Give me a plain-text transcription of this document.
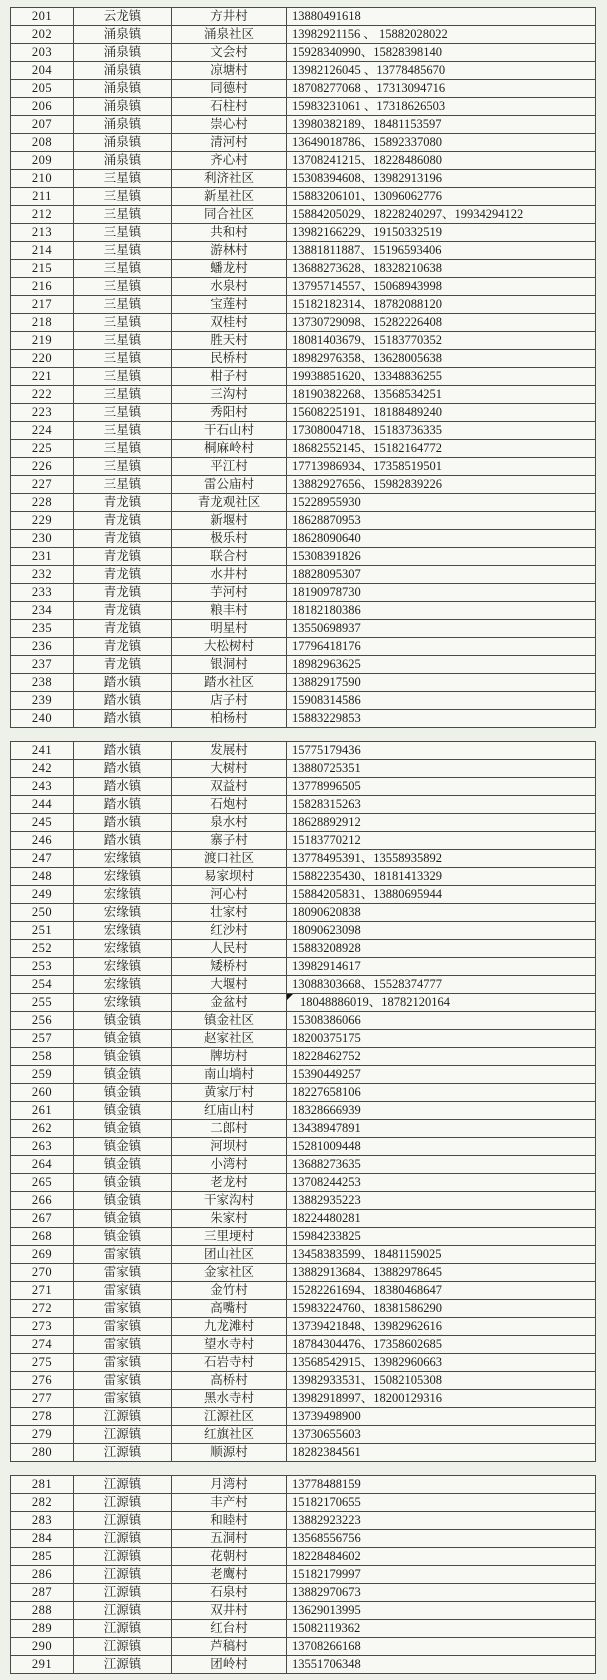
201	云龙镇	方井村	13880491618
202	涌泉镇	涌泉社区	13982921156 、 15882028022
203	涌泉镇	文会村	15928340990、15828398140
204	涌泉镇	凉塘村	13982126045 、13778485670
205	涌泉镇	同德村	18708277068 、17313094716
206	涌泉镇	石柱村	15983231061 、17318626503
207	涌泉镇	崇心村	13980382189、18481153597
208	涌泉镇	清河村	13649018786、15892337080
209	涌泉镇	齐心村	13708241215、18228486080
210	三星镇	利济社区	15308394608、13982913196
211	三星镇	新星社区	15883206101、13096062776
212	三星镇	同合社区	15884205029、18228240297、19934294122
213	三星镇	共和村	13982166229、19150332519
214	三星镇	游林村	13881811887、15196593406
215	三星镇	蟠龙村	13688273628、18328210638
216	三星镇	水泉村	13795714557、15068943998
217	三星镇	宝莲村	15182182314、18782088120
218	三星镇	双桂村	13730729098、15282226408
219	三星镇	胜天村	18081403679、15183770352
220	三星镇	民桥村	18982976358、13628005638
221	三星镇	柑子村	19938851620、13348836255
222	三星镇	三沟村	18190382268、13568534251
223	三星镇	秀阳村	15608225191、18188489240
224	三星镇	干石山村	17308004718、15183736335
225	三星镇	桐麻岭村	18682552145、15182164772
226	三星镇	平江村	17713986934、17358519501
227	三星镇	雷公庙村	13882927656、15982839226
228	青龙镇	青龙观社区	15228955930
229	青龙镇	新堰村	18628870953
230	青龙镇	极乐村	18628090640
231	青龙镇	联合村	15308391826
232	青龙镇	水井村	18828095307
233	青龙镇	芋河村	18190978730
234	青龙镇	粮丰村	18182180386
235	青龙镇	明星村	13550698937
236	青龙镇	大松树村	17796418176
237	青龙镇	银洞村	18982963625
238	踏水镇	踏水社区	13882917590
239	踏水镇	店子村	15908314586
240	踏水镇	柏杨村	15883229853
241	踏水镇	发展村	15775179436
242	踏水镇	大树村	13880725351
243	踏水镇	双益村	13778996505
244	踏水镇	石炮村	15828315263
245	踏水镇	泉水村	18628892912
246	踏水镇	寨子村	15183770212
247	宏缘镇	渡口社区	13778495391、13558935892
248	宏缘镇	易家坝村	15882235430、18181413329
249	宏缘镇	河心村	15884205831、13880695944
250	宏缘镇	壮家村	18090620838
251	宏缘镇	红沙村	18090623098
252	宏缘镇	人民村	15883208928
253	宏缘镇	矮桥村	13982914617
254	宏缘镇	大堰村	13088303668、15528374777
255	宏缘镇	金盆村	18048886019、18782120164
256	镇金镇	镇金社区	15308386066
257	镇金镇	赵家社区	18200375175
258	镇金镇	牌坊村	18228462752
259	镇金镇	南山埫村	15390449257
260	镇金镇	黄家厅村	18227658106
261	镇金镇	红庙山村	18328666939
262	镇金镇	二郎村	13438947891
263	镇金镇	河坝村	15281009448
264	镇金镇	小湾村	13688273635
265	镇金镇	老龙村	13708244253
266	镇金镇	干家沟村	13882935223
267	镇金镇	朱家村	18224480281
268	镇金镇	三里埂村	15984233825
269	雷家镇	团山社区	13458383599、18481159025
270	雷家镇	金家社区	13882913684、13882978645
271	雷家镇	金竹村	15282261694、18380468647
272	雷家镇	高嘴村	15983224760、18381586290
273	雷家镇	九龙滩村	13739421848、13982962616
274	雷家镇	望水寺村	18784304476、17358602685
275	雷家镇	石岩寺村	13568542915、13982960663
276	雷家镇	高桥村	13982933531、15082105308
277	雷家镇	黑水寺村	13982918997、18200129316
278	江源镇	江源社区	13739498900
279	江源镇	红旗社区	13730655603
280	江源镇	顺源村	18282384561
281	江源镇	月湾村	13778488159
282	江源镇	丰产村	15182170655
283	江源镇	和睦村	13882923223
284	江源镇	五洞村	13568556756
285	江源镇	花朝村	18228484602
286	江源镇	老鹰村	15182179997
287	江源镇	石泉村	13882970673
288	江源镇	双井村	13629013995
289	江源镇	红台村	15082119362
290	江源镇	芦稿村	13708266168
291	江源镇	团岭村	13551706348
